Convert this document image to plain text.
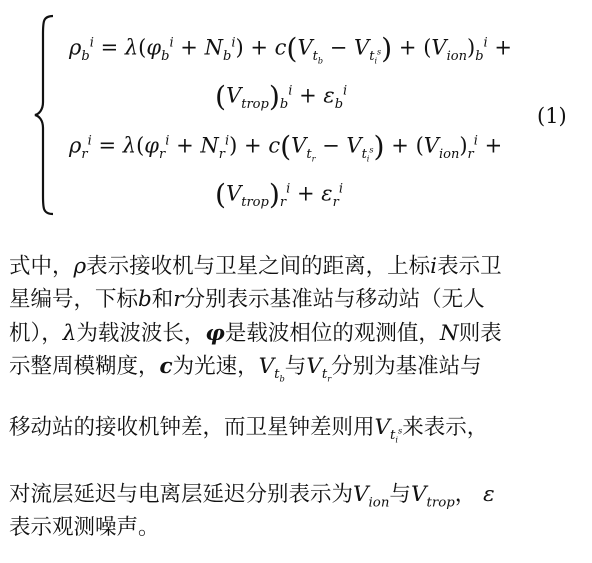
$\rho_b^i = \lambda(\varphi_b^i + N_b^i) + c(V_{t_b} - V_{t_i^s}) + (V_{ion})_b^i$ +
$(V_{trop})_b^i + \varepsilon_b^i$
$\rho_r^i = \lambda(\varphi_r^i + N_r^i) + c(V_{t_r} - V_{t_i^s}) + (V_{ion})_r^i$ +
$(V_{trop})_r^i + \varepsilon_r^i$
(1)
式中，ρ表示接收机与卫星之间的距离，上标i表示卫
星编号，下标b和r分别表示基准站与移动站（无人
机），λ为载波波长，φ是载波相位的观测值，N则表
示整周模糊度，c为光速，$V_{t_b}$与$V_{t_r}$分别为基准站与
移动站的接收机钟差，而卫星钟差则用$V_{t_i^s}$来表示，
对流层延迟与电离层延迟分别表示为$V_{ion}$与$V_{trop}$， ε
表示观测噪声。
